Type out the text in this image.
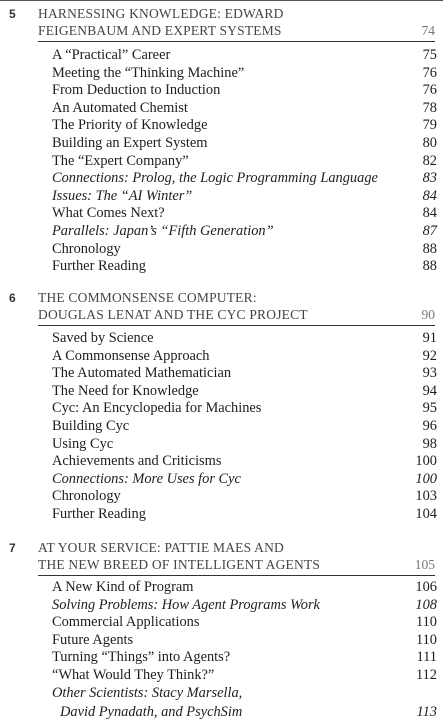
5 HARNESSING KNOWLEDGE: EDWARD
FEIGENBAUM AND EXPERT SYSTEMS	74
A “Practical” Career	75
Meeting the “Thinking Machine”	76
From Deduction to Induction	76
An Automated Chemist	78
The Priority of Knowledge	79
Building an Expert System	80
The “Expert Company”	82
Connections: Prolog, the Logic Programming Language	83
Issues: The “AI Winter”	84
What Comes Next?	84
Parallels: Japan’s “Fifth Generation”	87
Chronology	88
Further Reading	88
6 THE COMMONSENSE COMPUTER:
DOUGLAS LENAT AND THE CYC PROJECT	90
Saved by Science	91
A Commonsense Approach	92
The Automated Mathematician	93
The Need for Knowledge	94
Cyc: An Encyclopedia for Machines	95
Building Cyc	96
Using Cyc	98
Achievements and Criticisms	100
Connections: More Uses for Cyc	100
Chronology	103
Further Reading	104
7 AT YOUR SERVICE: PATTIE MAES AND
THE NEW BREED OF INTELLIGENT AGENTS	105
A New Kind of Program	106
Solving Problems: How Agent Programs Work	108
Commercial Applications	110
Future Agents	110
Turning “Things” into Agents?	111
“What Would They Think?”	112
Other Scientists: Stacy Marsella,
David Pynadath, and PsychSim	113
